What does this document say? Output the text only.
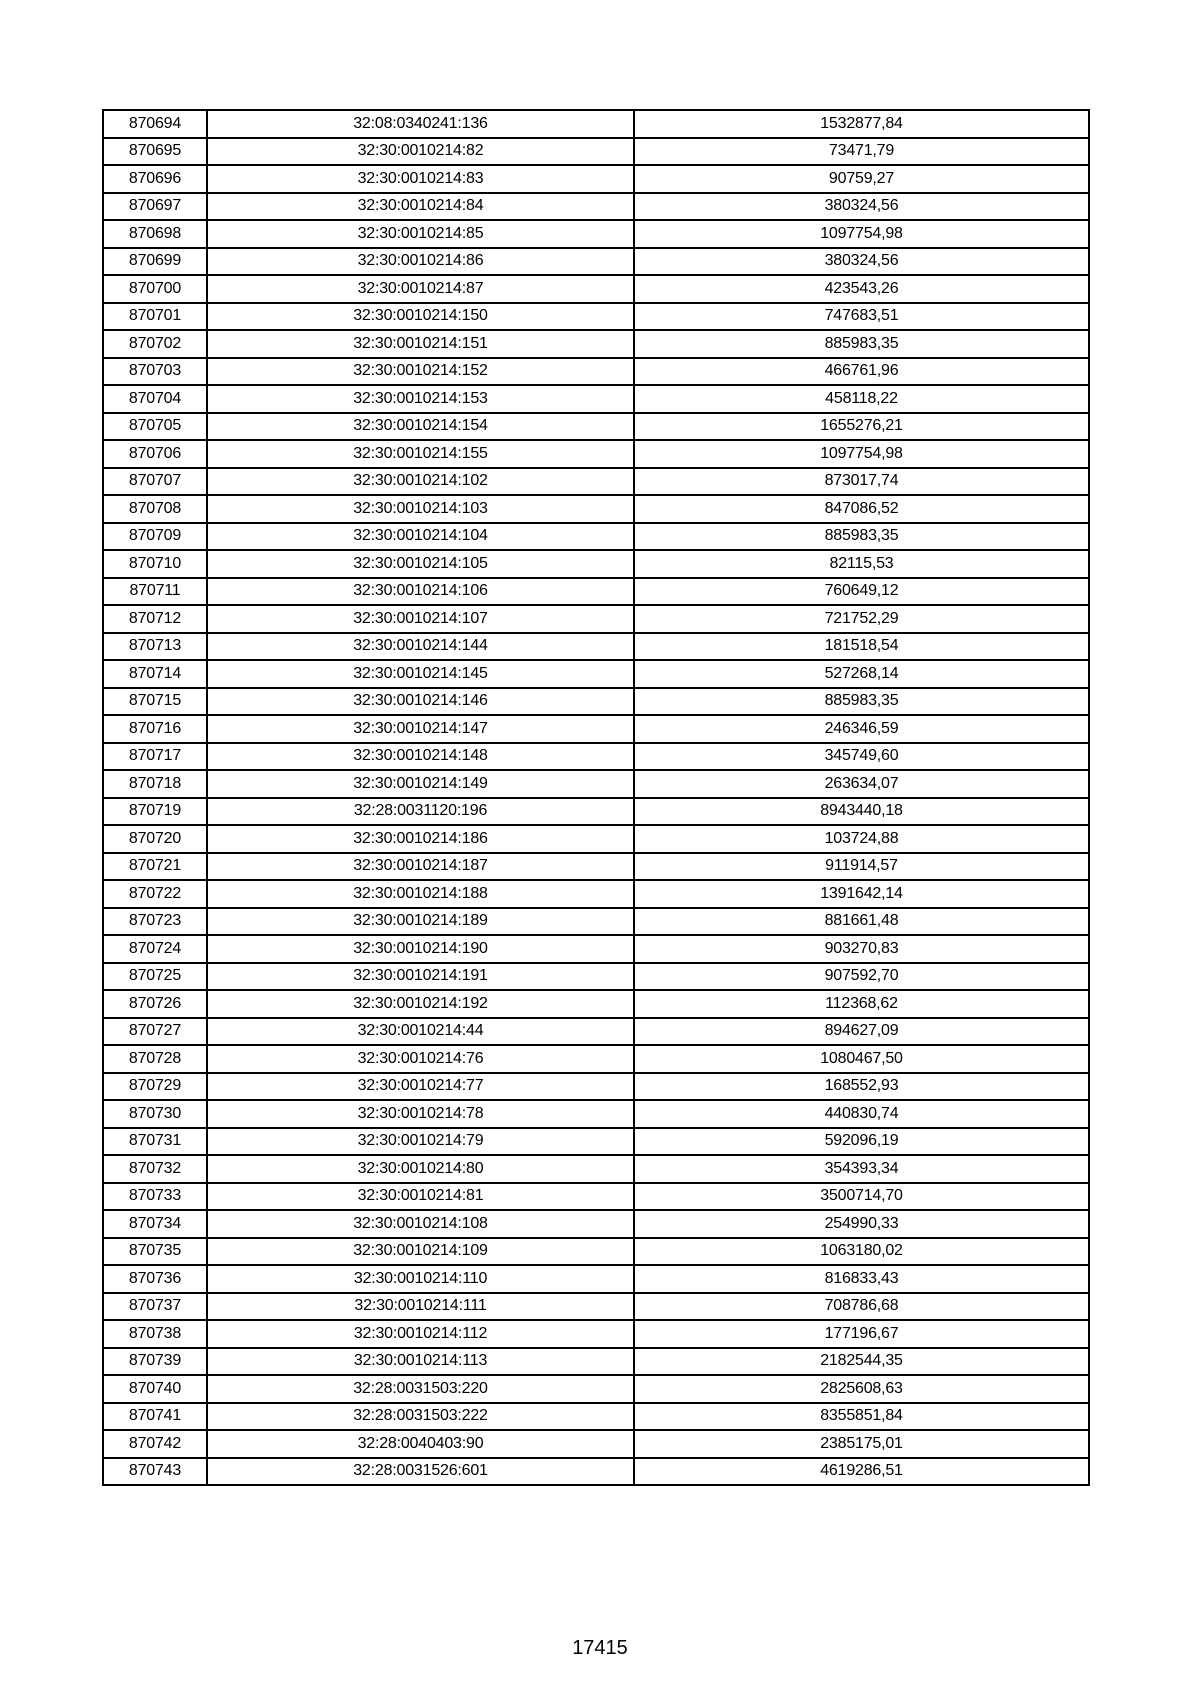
870694	32:08:0340241:136	1532877,84
870695	32:30:0010214:82	73471,79
870696	32:30:0010214:83	90759,27
870697	32:30:0010214:84	380324,56
870698	32:30:0010214:85	1097754,98
870699	32:30:0010214:86	380324,56
870700	32:30:0010214:87	423543,26
870701	32:30:0010214:150	747683,51
870702	32:30:0010214:151	885983,35
870703	32:30:0010214:152	466761,96
870704	32:30:0010214:153	458118,22
870705	32:30:0010214:154	1655276,21
870706	32:30:0010214:155	1097754,98
870707	32:30:0010214:102	873017,74
870708	32:30:0010214:103	847086,52
870709	32:30:0010214:104	885983,35
870710	32:30:0010214:105	82115,53
870711	32:30:0010214:106	760649,12
870712	32:30:0010214:107	721752,29
870713	32:30:0010214:144	181518,54
870714	32:30:0010214:145	527268,14
870715	32:30:0010214:146	885983,35
870716	32:30:0010214:147	246346,59
870717	32:30:0010214:148	345749,60
870718	32:30:0010214:149	263634,07
870719	32:28:0031120:196	8943440,18
870720	32:30:0010214:186	103724,88
870721	32:30:0010214:187	911914,57
870722	32:30:0010214:188	1391642,14
870723	32:30:0010214:189	881661,48
870724	32:30:0010214:190	903270,83
870725	32:30:0010214:191	907592,70
870726	32:30:0010214:192	112368,62
870727	32:30:0010214:44	894627,09
870728	32:30:0010214:76	1080467,50
870729	32:30:0010214:77	168552,93
870730	32:30:0010214:78	440830,74
870731	32:30:0010214:79	592096,19
870732	32:30:0010214:80	354393,34
870733	32:30:0010214:81	3500714,70
870734	32:30:0010214:108	254990,33
870735	32:30:0010214:109	1063180,02
870736	32:30:0010214:110	816833,43
870737	32:30:0010214:111	708786,68
870738	32:30:0010214:112	177196,67
870739	32:30:0010214:113	2182544,35
870740	32:28:0031503:220	2825608,63
870741	32:28:0031503:222	8355851,84
870742	32:28:0040403:90	2385175,01
870743	32:28:0031526:601	4619286,51
17415
